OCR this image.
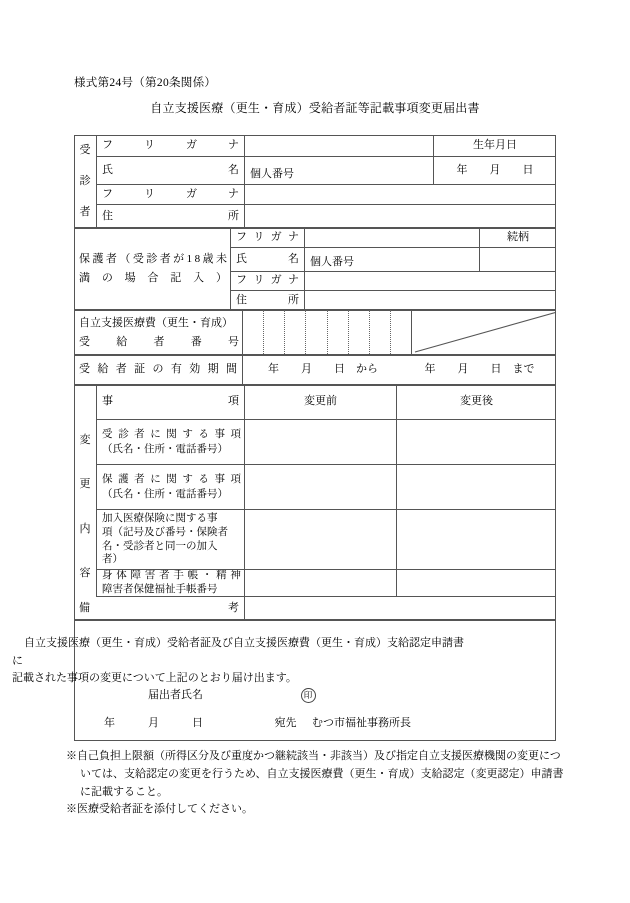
様式第24号（第20条関係）
自立支援医療（更生・育成）受給者証等記載事項変更届出書
受
診
者
フ	リ	ガ	ナ	生年月日
氏	名	個人番号	年　　月　　日
フ	リ	ガ	ナ
住	所
保 護 者 （ 受 診 者 が 1 8 歳 未
満 の 場 合 記 入 ）
フ リ ガ ナ	続柄
氏	名	個人番号
フ リ ガ ナ
住	所
自立支援医療費（更生・育成）
受 給 者 番 号
受 給 者 証 の 有 効 期 間	年　　月　　日　から	年　　月　　日　まで
変
更
内
容
事	項	変更前	変更後
受 診 者 に 関 す る 事 項
（氏名・住所・電話番号）
保 護 者 に 関 す る 事 項
（氏名・住所・電話番号）
加入医療保険に関する事
項（記号及び番号・保険者
名・受診者と同一の加入
者）
身 体 障 害 者 手 帳 ・ 精 神
障害者保健福祉手帳番号
備	考
自立支援医療（更生・育成）受給者証及び自立支援医療費（更生・育成）支給認定申請書に
記載された事項の変更について上記のとおり届け出ます。
届出者氏名	印
年　　　月　　　日	宛先 むつ市福祉事務所長
※自己負担上限額（所得区分及び重度かつ継続該当・非該当）及び指定自立支援医療機関の変更については、支給認定の変更を行うため、自立支援医療費（更生・育成）支給認定（変更認定）申請書に記載すること。
※医療受給者証を添付してください。
